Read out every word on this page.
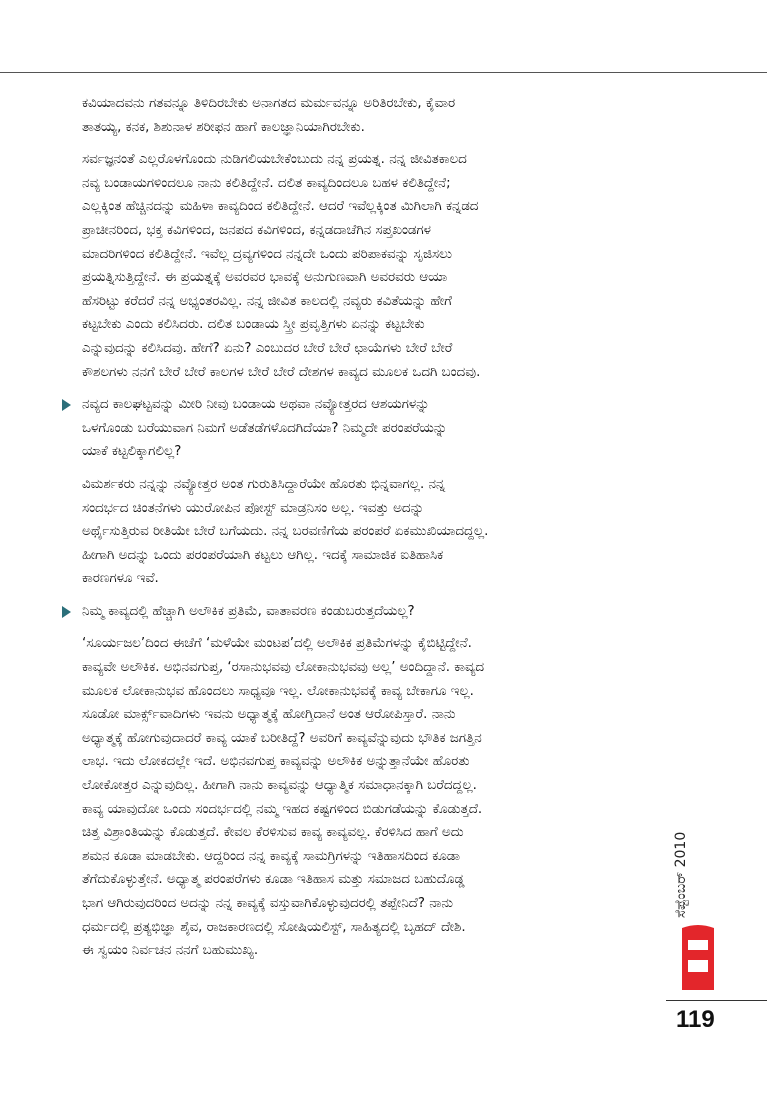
ಕವಿಯಾದವನು ಗತವನ್ನೂ ತಿಳಿದಿರಬೇಕು ಅನಾಗತದ ಮರ್ಮವನ್ನೂ ಅರಿತಿರಬೇಕು, ಕೈವಾರ
ತಾತಯ್ಯ, ಕನಕ, ಶಿಶುನಾಳ ಶರೀಫನ ಹಾಗೆ ಕಾಲಜ್ಞಾನಿಯಾಗಿರಬೇಕು.
ಸರ್ವಜ್ಞನಂತೆ ಎಲ್ಲರೊಳಗೊಂದು ನುಡಿಗಲಿಯಬೇಕೆಂಬುದು ನನ್ನ ಪ್ರಯತ್ನ. ನನ್ನ ಜೀವಿತಕಾಲದ
ನವ್ಯ ಬಂಡಾಯಗಳಿಂದಲೂ ನಾನು ಕಲಿತಿದ್ದೇನೆ. ದಲಿತ ಕಾವ್ಯದಿಂದಲೂ ಬಹಳ ಕಲಿತಿದ್ದೇನೆ;
ಎಲ್ಲಕ್ಕಿಂತ ಹೆಚ್ಚಿನದನ್ನು ಮಹಿಳಾ ಕಾವ್ಯದಿಂದ ಕಲಿತಿದ್ದೇನೆ. ಆದರೆ ಇವೆಲ್ಲಕ್ಕಿಂತ ಮಿಗಿಲಾಗಿ ಕನ್ನಡದ
ಪ್ರಾಚೀನರಿಂದ, ಭಕ್ತ ಕವಿಗಳಿಂದ, ಜನಪದ ಕವಿಗಳಿಂದ, ಕನ್ನಡದಾಚೆಗಿನ ಸಪ್ತಖಂಡಗಳ
ಮಾದರಿಗಳಿಂದ ಕಲಿತಿದ್ದೇನೆ. ಇವೆಲ್ಲ ದ್ರವ್ಯಗಳಿಂದ ನನ್ನದೇ ಒಂದು ಪರಿಪಾಕವನ್ನು ಸೃಜಿಸಲು
ಪ್ರಯತ್ನಿಸುತ್ತಿದ್ದೇನೆ. ಈ ಪ್ರಯತ್ನಕ್ಕೆ ಅವರವರ ಭಾವಕ್ಕೆ ಅನುಗುಣವಾಗಿ ಅವರವರು ಆಯಾ
ಹೆಸರಿಟ್ಟು ಕರೆದರೆ ನನ್ನ ಅಭ್ಯಂತರವಿಲ್ಲ. ನನ್ನ ಜೀವಿತ ಕಾಲದಲ್ಲಿ ನವ್ಯರು ಕವಿತೆಯನ್ನು ಹೇಗೆ
ಕಟ್ಟಬೇಕು ಎಂದು ಕಲಿಸಿದರು. ದಲಿತ ಬಂಡಾಯ ಸ್ತ್ರೀ ಪ್ರವೃತ್ತಿಗಳು ಏನನ್ನು ಕಟ್ಟಬೇಕು
ಎನ್ನುವುದನ್ನು ಕಲಿಸಿದವು. ಹೇಗೆ? ಏನು? ಎಂಬುದರ ಬೇರೆ ಬೇರೆ ಛಾಯೆಗಳು ಬೇರೆ ಬೇರೆ
ಕೌಶಲಗಳು ನನಗೆ ಬೇರೆ ಬೇರೆ ಕಾಲಗಳ ಬೇರೆ ಬೇರೆ ದೇಶಗಳ ಕಾವ್ಯದ ಮೂಲಕ ಒದಗಿ ಬಂದವು.
ನವ್ಯದ ಕಾಲಘಟ್ಟವನ್ನು ಮೀರಿ ನೀವು ಬಂಡಾಯ ಅಥವಾ ನವ್ಯೋತ್ತರದ ಆಶಯಗಳನ್ನು
ಒಳಗೊಂಡು ಬರೆಯುವಾಗ ನಿಮಗೆ ಅಡೆತಡೆಗಳೊದಗಿದೆಯಾ? ನಿಮ್ಮದೇ ಪರಂಪರೆಯನ್ನು
ಯಾಕೆ ಕಟ್ಟಲಿಕ್ಕಾಗಲಿಲ್ಲ?
ವಿಮರ್ಶಕರು ನನ್ನನ್ನು ನವ್ಯೋತ್ತರ ಅಂತ ಗುರುತಿಸಿದ್ದಾರೆಯೇ ಹೊರತು ಭಿನ್ನವಾಗಲ್ಲ. ನನ್ನ
ಸಂದರ್ಭದ ಚಿಂತನೆಗಳು ಯುರೋಪಿನ ಪೋಸ್ಟ್ ಮಾಡ್ರನಿಸಂ ಅಲ್ಲ. ಇವತ್ತು ಅದನ್ನು
ಅರ್ಥೈಸುತ್ತಿರುವ ರೀತಿಯೇ ಬೇರೆ ಬಗೆಯದು. ನನ್ನ ಬರವಣಿಗೆಯ ಪರಂಪರೆ ಏಕಮುಖಿಯಾದದ್ದಲ್ಲ.
ಹೀಗಾಗಿ ಅದನ್ನು ಒಂದು ಪರಂಪರೆಯಾಗಿ ಕಟ್ಟಲು ಆಗಿಲ್ಲ. ಇದಕ್ಕೆ ಸಾಮಾಜಿಕ ಐತಿಹಾಸಿಕ
ಕಾರಣಗಳೂ ಇವೆ.
ನಿಮ್ಮ ಕಾವ್ಯದಲ್ಲಿ ಹೆಚ್ಚಾಗಿ ಅಲೌಕಿಕ ಪ್ರತಿಮೆ, ವಾತಾವರಣ ಕಂಡುಬರುತ್ತದೆಯಲ್ಲ?
‘ಸೂರ್ಯಜಲ’ದಿಂದ ಈಚೆಗೆ ‘ಮಳೆಯೇ ಮಂಟಪ’ದಲ್ಲಿ ಅಲೌಕಿಕ ಪ್ರತಿಮೆಗಳನ್ನು ಕೈಬಿಟ್ಟಿದ್ದೇನೆ.
ಕಾವ್ಯವೇ ಅಲೌಕಿಕ. ಅಭಿನವಗುಪ್ತ, ‘ರಸಾನುಭವವು ಲೋಕಾನುಭವವು ಅಲ್ಲ’ ಅಂದಿದ್ದಾನೆ. ಕಾವ್ಯದ
ಮೂಲಕ ಲೋಕಾನುಭವ ಹೊಂದಲು ಸಾಧ್ಯವೂ ಇಲ್ಲ. ಲೋಕಾನುಭವಕ್ಕೆ ಕಾವ್ಯ ಬೇಕಾಗೂ ಇಲ್ಲ.
ಸೂಡೋ ಮಾರ್ಕ್ಸ್‌ವಾದಿಗಳು ಇವನು ಅಧ್ಯಾತ್ಮಕ್ಕೆ ಹೋಗ್ತಿದಾನೆ ಅಂತ ಆರೋಪಿಸ್ತಾರೆ. ನಾನು
ಅಧ್ಯಾತ್ಮಕ್ಕೆ ಹೋಗುವುದಾದರೆ ಕಾವ್ಯ ಯಾಕೆ ಬರೀತಿದ್ದೆ? ಅವರಿಗೆ ಕಾವ್ಯವೆನ್ನುವುದು ಭೌತಿಕ ಜಗತ್ತಿನ
ಲಾಭ. ಇದು ಲೋಕದಲ್ಲೇ ಇದೆ. ಅಭಿನವಗುಪ್ತ ಕಾವ್ಯವನ್ನು ಅಲೌಕಿಕ ಅನ್ನುತ್ತಾನೆಯೇ ಹೊರತು
ಲೋಕೋತ್ತರ ಎನ್ನುವುದಿಲ್ಲ. ಹೀಗಾಗಿ ನಾನು ಕಾವ್ಯವನ್ನು ಆಧ್ಯಾತ್ಮಿಕ ಸಮಾಧಾನಕ್ಕಾಗಿ ಬರೆದದ್ದಲ್ಲ.
ಕಾವ್ಯ ಯಾವುದೋ ಒಂದು ಸಂದರ್ಭದಲ್ಲಿ ನಮ್ಮ ಇಹದ ಕಷ್ಟಗಳಿಂದ ಬಿಡುಗಡೆಯನ್ನು ಕೊಡುತ್ತದೆ.
ಚಿತ್ತ ವಿಶ್ರಾಂತಿಯನ್ನು ಕೊಡುತ್ತದೆ. ಕೇವಲ ಕೆರಳಿಸುವ ಕಾವ್ಯ ಕಾವ್ಯವಲ್ಲ. ಕೆರಳಿಸಿದ ಹಾಗೆ ಅದು
ಶಮನ ಕೂಡಾ ಮಾಡಬೇಕು. ಆದ್ದರಿಂದ ನನ್ನ ಕಾವ್ಯಕ್ಕೆ ಸಾಮಗ್ರಿಗಳನ್ನು ಇತಿಹಾಸದಿಂದ ಕೂಡಾ
ತೆಗೆದುಕೊಳ್ಳುತ್ತೇನೆ. ಅಧ್ಯಾತ್ಮ ಪರಂಪರೆಗಳು ಕೂಡಾ ಇತಿಹಾಸ ಮತ್ತು ಸಮಾಜದ ಬಹುದೊಡ್ಡ
ಭಾಗ ಆಗಿರುವುದರಿಂದ ಅದನ್ನು ನನ್ನ ಕಾವ್ಯಕ್ಕೆ ವಸ್ತುವಾಗಿಕೊಳ್ಳುವುದರಲ್ಲಿ ತಪ್ಪೇನಿದೆ? ನಾನು
ಧರ್ಮದಲ್ಲಿ ಪ್ರತ್ಯಭಿಜ್ಞಾ ಶೈವ, ರಾಜಕಾರಣದಲ್ಲಿ ಸೋಷಿಯಲಿಸ್ಟ್, ಸಾಹಿತ್ಯದಲ್ಲಿ ಬೃಹದ್ ದೇಶಿ.
ಈ ಸ್ವಯಂ ನಿರ್ವಚನ ನನಗೆ ಬಹುಮುಖ್ಯ.
ಸೆಪ್ಟೆಂಬರ್ 2010
119
